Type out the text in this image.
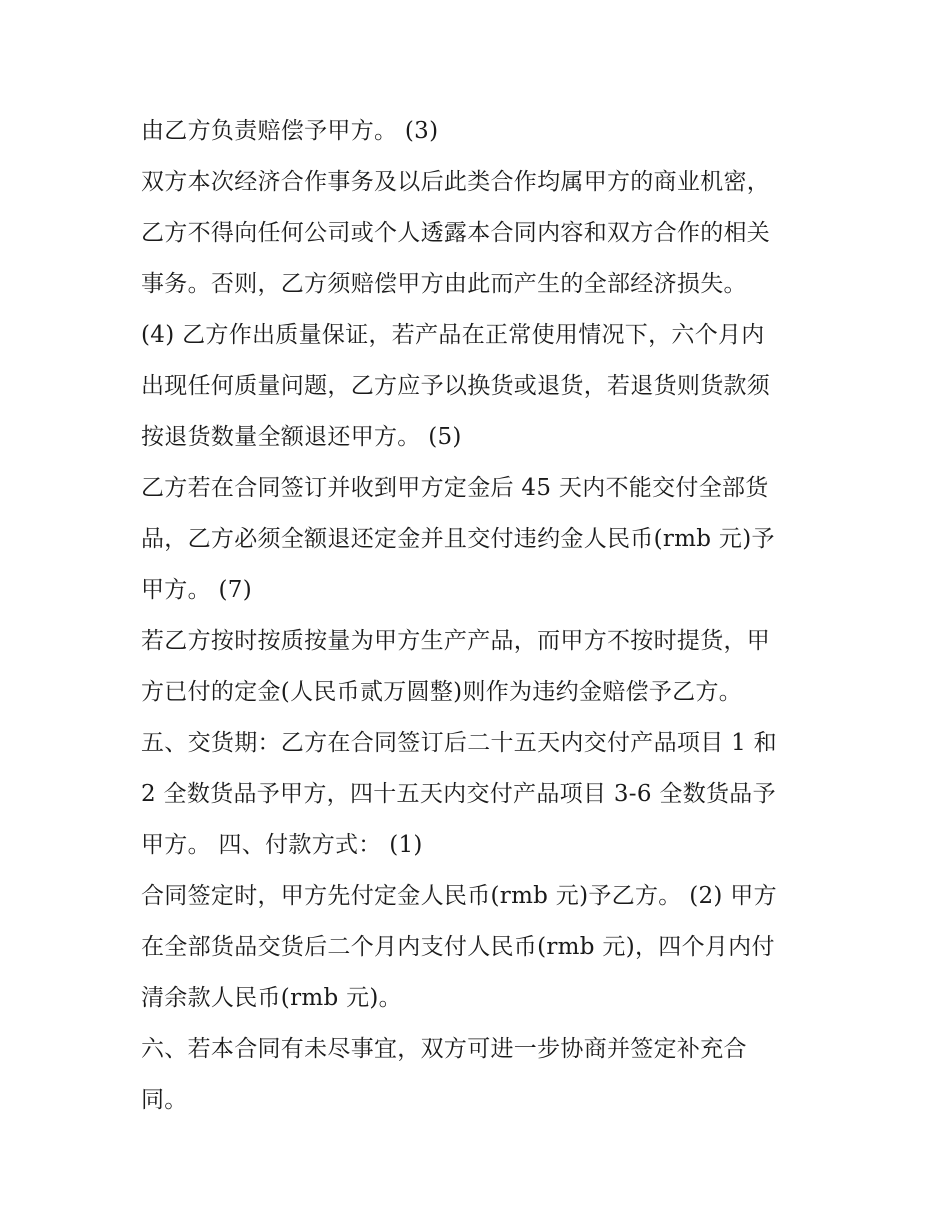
由乙方负责赔偿予甲方。 (3)
双方本次经济合作事务及以后此类合作均属甲方的商业机密，
乙方不得向任何公司或个人透露本合同内容和双方合作的相关
事务。否则，乙方须赔偿甲方由此而产生的全部经济损失。
(4) 乙方作出质量保证，若产品在正常使用情况下，六个月内
出现任何质量问题，乙方应予以换货或退货，若退货则货款须
按退货数量全额退还甲方。 (5)
乙方若在合同签订并收到甲方定金后 45 天内不能交付全部货
品，乙方必须全额退还定金并且交付违约金人民币(rmb 元)予
甲方。 (7)
若乙方按时按质按量为甲方生产产品，而甲方不按时提货，甲
方已付的定金(人民币贰万圆整)则作为违约金赔偿予乙方。
五、交货期：乙方在合同签订后二十五天内交付产品项目 1 和
2 全数货品予甲方，四十五天内交付产品项目 3-6 全数货品予
甲方。 四、付款方式： (1)
合同签定时，甲方先付定金人民币(rmb 元)予乙方。 (2) 甲方
在全部货品交货后二个月内支付人民币(rmb 元)，四个月内付
清余款人民币(rmb 元)。
六、若本合同有未尽事宜，双方可进一步协商并签定补充合
同。
